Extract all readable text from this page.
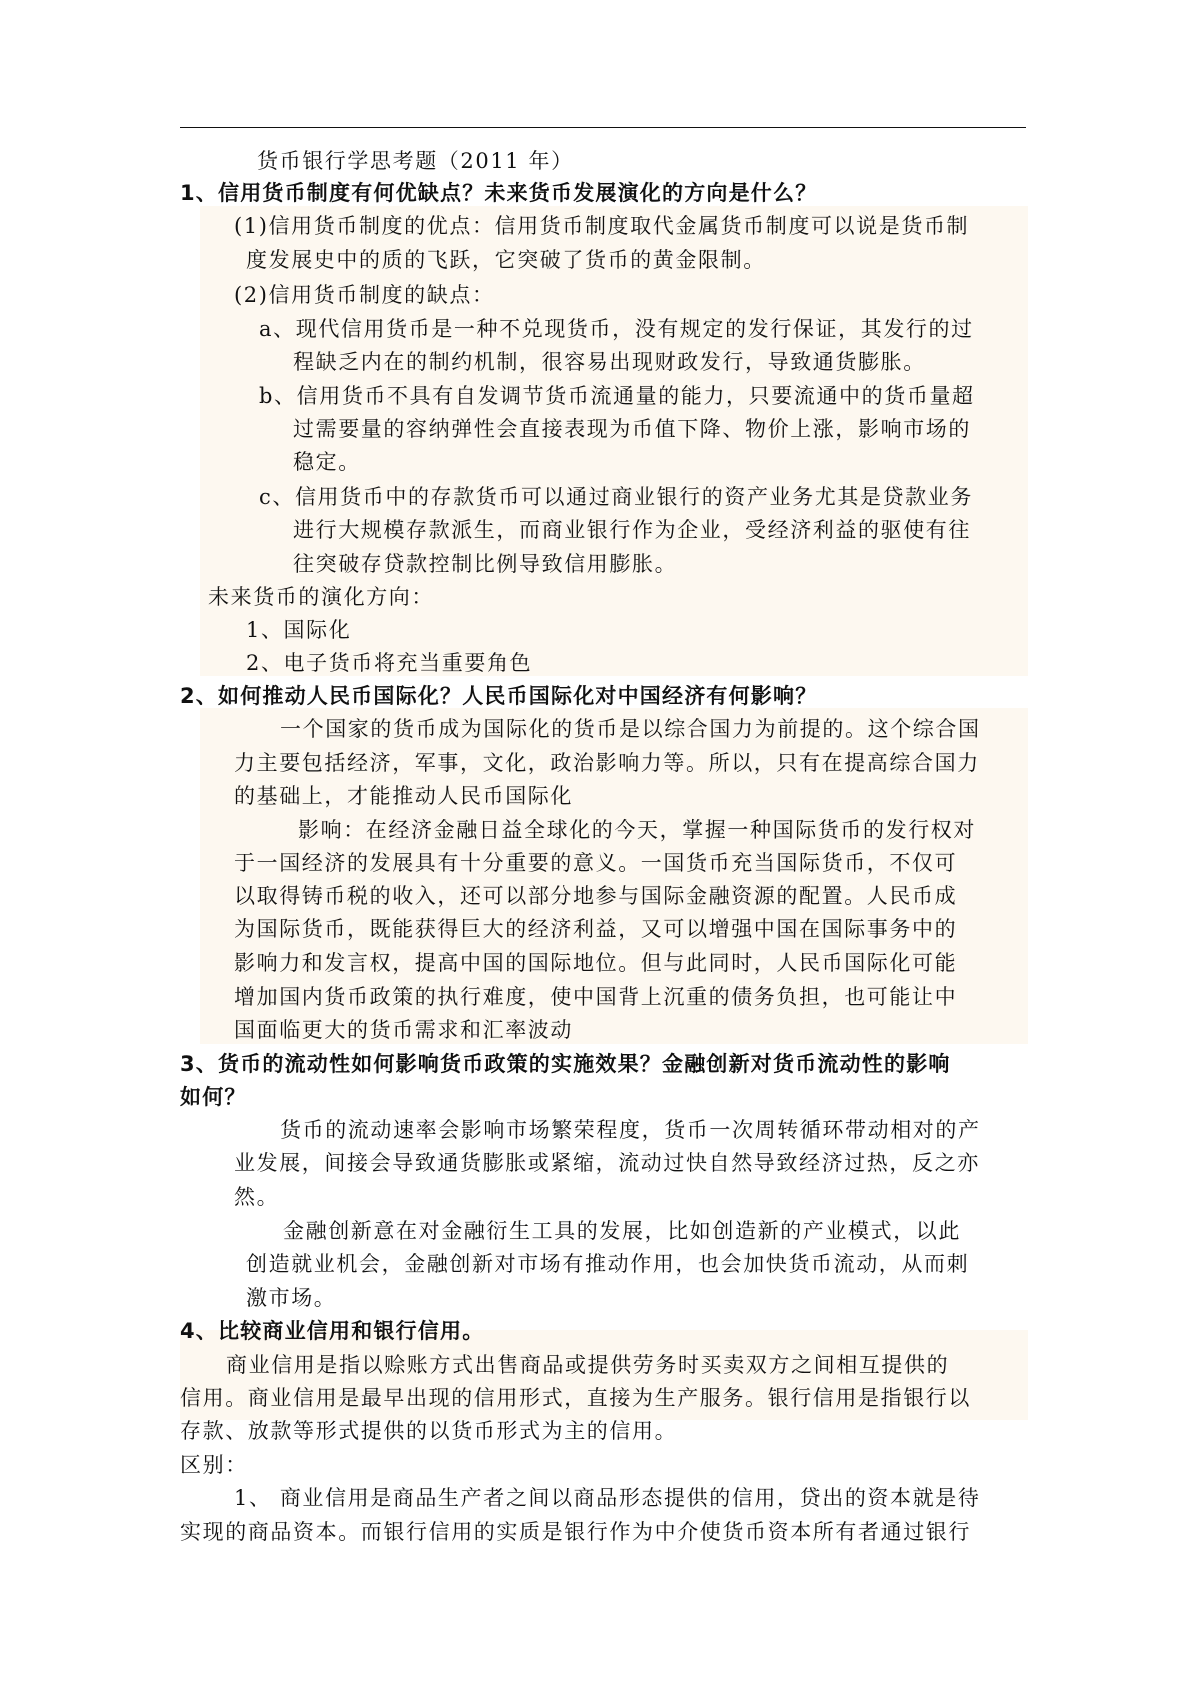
货币银行学思考题（2011 年）
1、信用货币制度有何优缺点？未来货币发展演化的方向是什么？
(1)信用货币制度的优点：信用货币制度取代金属货币制度可以说是货币制
度发展史中的质的飞跃，它突破了货币的黄金限制。
(2)信用货币制度的缺点：
a、现代信用货币是一种不兑现货币，没有规定的发行保证，其发行的过
程缺乏内在的制约机制，很容易出现财政发行，导致通货膨胀。
b、信用货币不具有自发调节货币流通量的能力，只要流通中的货币量超
过需要量的容纳弹性会直接表现为币值下降、物价上涨，影响市场的
稳定。
c、信用货币中的存款货币可以通过商业银行的资产业务尤其是贷款业务
进行大规模存款派生，而商业银行作为企业，受经济利益的驱使有往
往突破存贷款控制比例导致信用膨胀。
未来货币的演化方向：
1、国际化
2、电子货币将充当重要角色
2、如何推动人民币国际化？人民币国际化对中国经济有何影响？
一个国家的货币成为国际化的货币是以综合国力为前提的。这个综合国
力主要包括经济，军事，文化，政治影响力等。所以，只有在提高综合国力
的基础上，才能推动人民币国际化
影响：在经济金融日益全球化的今天，掌握一种国际货币的发行权对
于一国经济的发展具有十分重要的意义。一国货币充当国际货币，不仅可
以取得铸币税的收入，还可以部分地参与国际金融资源的配置。人民币成
为国际货币，既能获得巨大的经济利益，又可以增强中国在国际事务中的
影响力和发言权，提高中国的国际地位。但与此同时，人民币国际化可能
增加国内货币政策的执行难度，使中国背上沉重的债务负担，也可能让中
国面临更大的货币需求和汇率波动
3、货币的流动性如何影响货币政策的实施效果？金融创新对货币流动性的影响
如何？
货币的流动速率会影响市场繁荣程度，货币一次周转循环带动相对的产
业发展，间接会导致通货膨胀或紧缩，流动过快自然导致经济过热，反之亦
然。
金融创新意在对金融衍生工具的发展，比如创造新的产业模式，以此
创造就业机会，金融创新对市场有推动作用，也会加快货币流动，从而刺
激市场。
4、比较商业信用和银行信用。
商业信用是指以赊账方式出售商品或提供劳务时买卖双方之间相互提供的
信用。商业信用是最早出现的信用形式，直接为生产服务。银行信用是指银行以
存款、放款等形式提供的以货币形式为主的信用。
区别：
1、 商业信用是商品生产者之间以商品形态提供的信用，贷出的资本就是待
实现的商品资本。而银行信用的实质是银行作为中介使货币资本所有者通过银行
